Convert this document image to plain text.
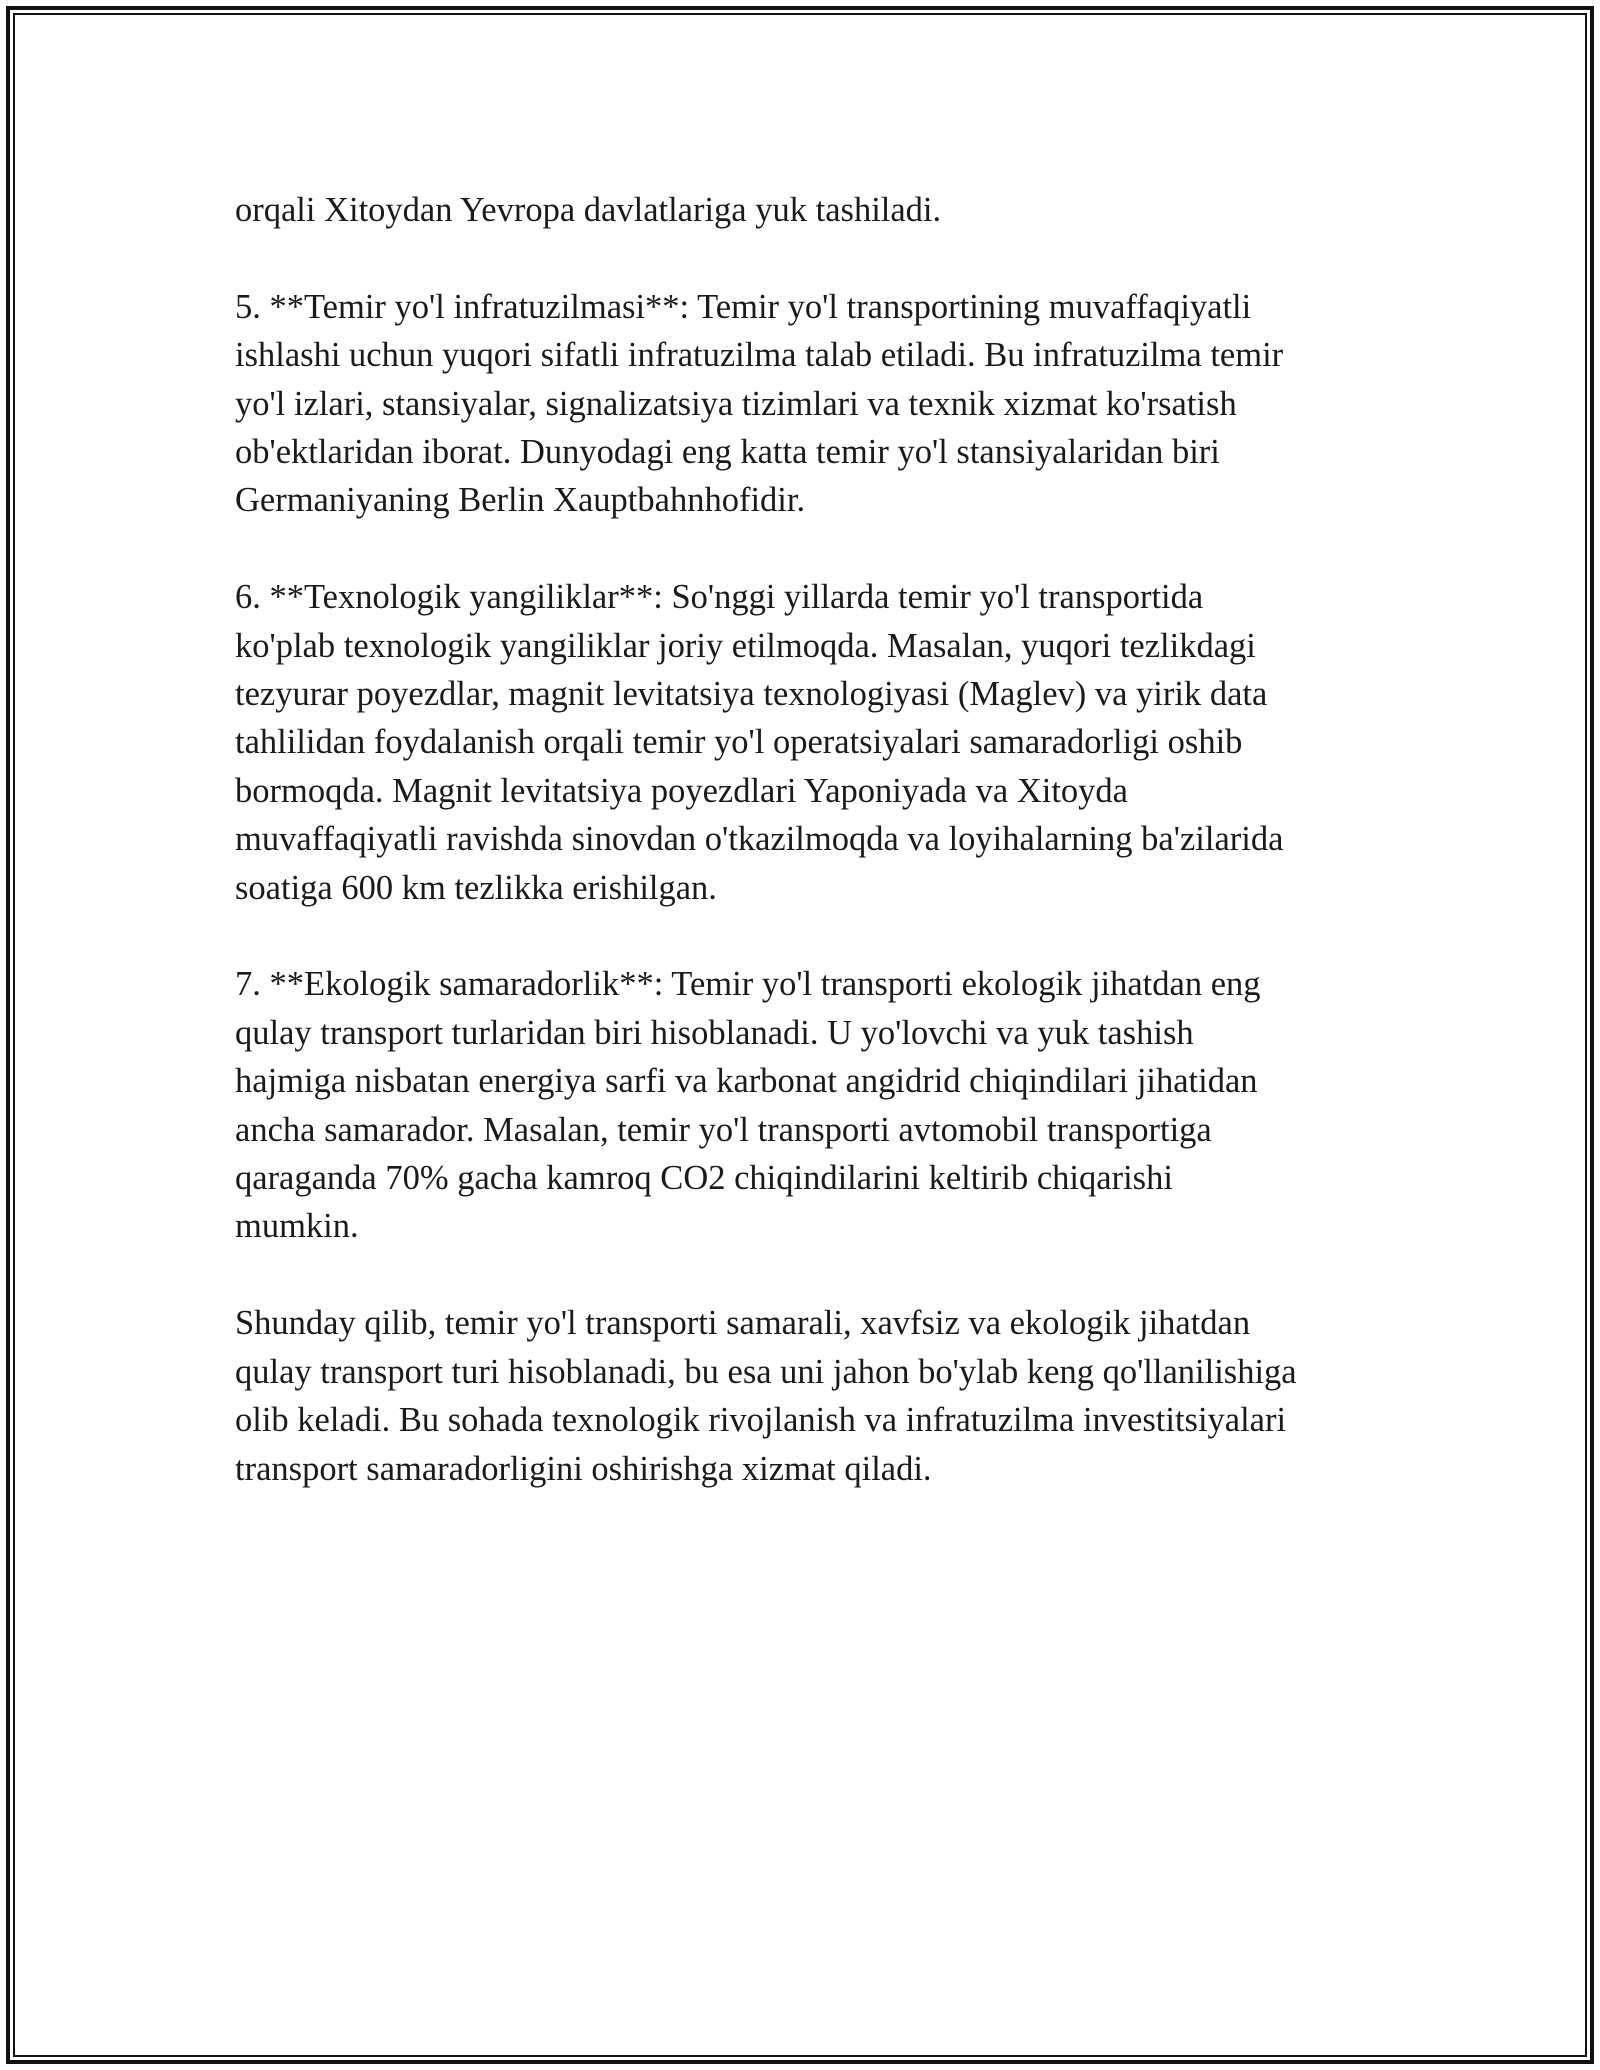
orqali Xitoydan Yevropa davlatlariga yuk tashiladi.

5. **Temir yo'l infratuzilmasi**: Temir yo'l transportining muvaffaqiyatli
ishlashi uchun yuqori sifatli infratuzilma talab etiladi. Bu infratuzilma temir
yo'l izlari, stansiyalar, signalizatsiya tizimlari va texnik xizmat ko'rsatish
ob'ektlaridan iborat. Dunyodagi eng katta temir yo'l stansiyalaridan biri
Germaniyaning Berlin Xauptbahnhofidir.

6. **Texnologik yangiliklar**: So'nggi yillarda temir yo'l transportida
ko'plab texnologik yangiliklar joriy etilmoqda. Masalan, yuqori tezlikdagi
tezyurar poyezdlar, magnit levitatsiya texnologiyasi (Maglev) va yirik data
tahlilidan foydalanish orqali temir yo'l operatsiyalari samaradorligi oshib
bormoqda. Magnit levitatsiya poyezdlari Yaponiyada va Xitoyda
muvaffaqiyatli ravishda sinovdan o'tkazilmoqda va loyihalarning ba'zilarida
soatiga 600 km tezlikka erishilgan.

7. **Ekologik samaradorlik**: Temir yo'l transporti ekologik jihatdan eng
qulay transport turlaridan biri hisoblanadi. U yo'lovchi va yuk tashish
hajmiga nisbatan energiya sarfi va karbonat angidrid chiqindilari jihatidan
ancha samarador. Masalan, temir yo'l transporti avtomobil transportiga
qaraganda 70% gacha kamroq CO2 chiqindilarini keltirib chiqarishi
mumkin.

Shunday qilib, temir yo'l transporti samarali, xavfsiz va ekologik jihatdan
qulay transport turi hisoblanadi, bu esa uni jahon bo'ylab keng qo'llanilishiga
olib keladi. Bu sohada texnologik rivojlanish va infratuzilma investitsiyalari
transport samaradorligini oshirishga xizmat qiladi.
